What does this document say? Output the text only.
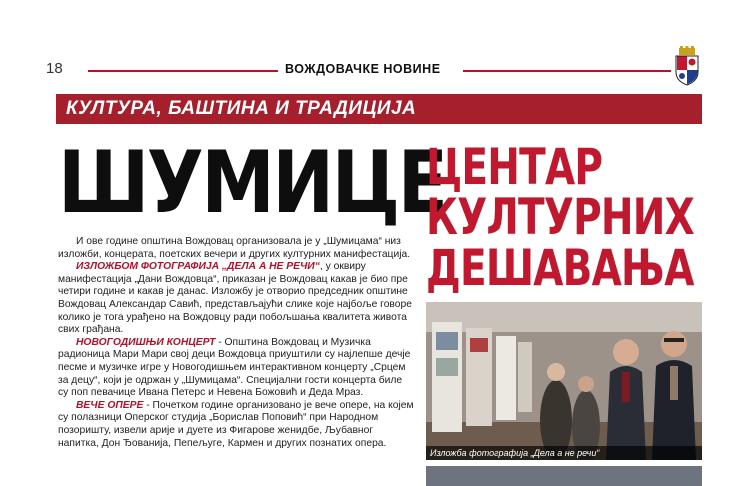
18	ВОЖДОВАЧКЕ НОВИНЕ
КУЛТУРА, БАШТИНА И ТРАДИЦИЈА
ШУМИЦЕ
ЦЕНТАР
КУЛТУРНИХ
ДЕШАВАЊА

И ове године општина Вождовац организовала је у „Шумицама“ низ изложби, концерата, поетских вечери и других културних манифестација.

ИЗЛОЖБОМ ФОТОГРАФИЈА „ДЕЛА А НЕ РЕЧИ“, у оквиру манифестација „Дани Вождовца“, приказан је Вождовац какав је био пре четири године и какав је данас. Изложбу је отворио председник општине Вождовац Александар Савић, представљајући слике које најбоље говоре колико је тога урађено на Вождовцу ради побољшања квалитета живота свих грађана.

НОВОГОДИШЊИ КОНЦЕРТ - Општина Вождовац и Музичка радионица Мари Мари свој деци Вождовца приуштили су најлепше дечје песме и музичке игре у Новогодишњем интерактивном концерту „Срцем за децу“, који је одржан у „Шумицама“. Специјални гости концерта биле су поп певачице Ивана Петерс и Невена Божовић и Деда Мраз.

ВЕЧЕ ОПЕРЕ - Почетком године организовано је вече опере, на којем су полазници Оперског студија „Борислав Поповић“ при Народном позоришту, извели арије и дуете из Фигарове женидбе, Љубавног напитка, Дон Ђованија, Пепељуге, Кармен и других познатих опера.

Изложба фотографија „Дела а не речи“
